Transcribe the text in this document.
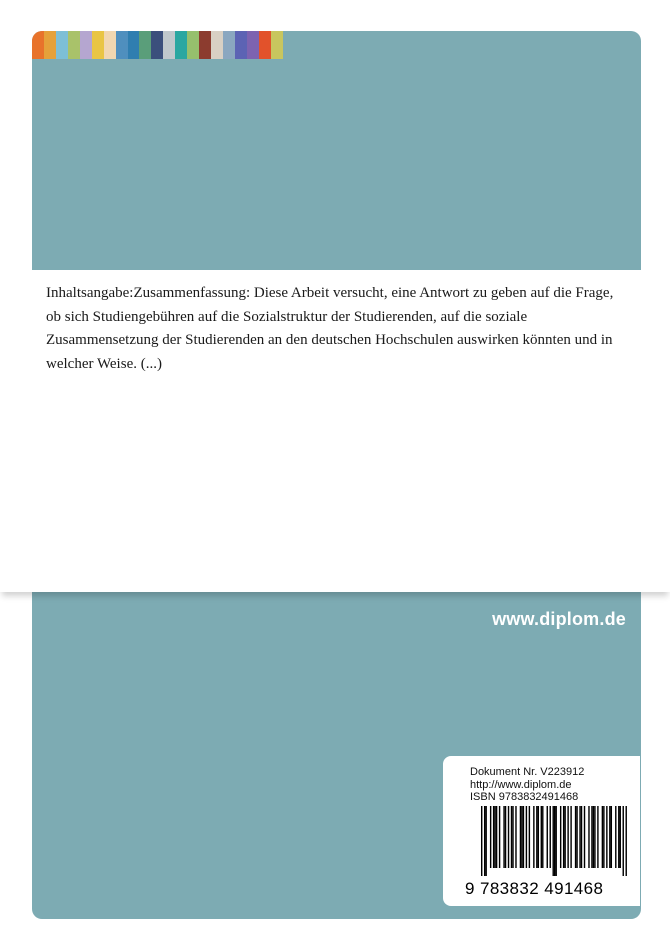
Inhaltsangabe:Zusammenfassung: Diese Arbeit versucht, eine Antwort zu geben auf die Frage, ob sich Studiengebühren auf die Sozialstruktur der Studierenden, auf die soziale Zusammensetzung der Studierenden an den deutschen Hochschulen auswirken könnten und in welcher Weise. (...)

www.diplom.de
Dokument Nr. V223912
http://www.diplom.de
ISBN 9783832491468
9 783832 491468
